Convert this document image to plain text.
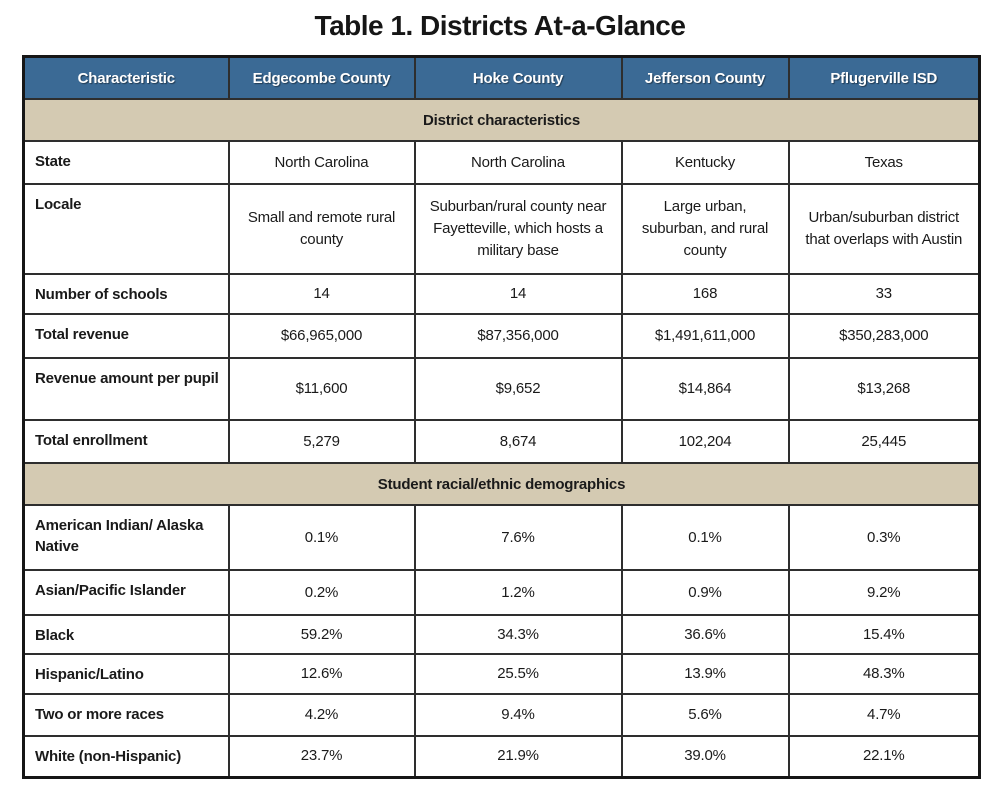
Table 1. Districts At-a-Glance
Characteristic	Edgecombe County	Hoke County	Jefferson County	Pflugerville ISD
District characteristics				
State	North Carolina	North Carolina	Kentucky	Texas
Locale	Small and remote rural county	Suburban/rural county near Fayetteville, which hosts a military base	Large urban, suburban, and rural county	Urban/suburban district that overlaps with Austin
Number of schools	14	14	168	33
Total revenue	$66,965,000	$87,356,000	$1,491,611,000	$350,283,000
Revenue amount per pupil	$11,600	$9,652	$14,864	$13,268
Total enrollment	5,279	8,674	102,204	25,445
Student racial/ethnic demographics				
American Indian/ Alaska Native	0.1%	7.6%	0.1%	0.3%
Asian/Pacific Islander	0.2%	1.2%	0.9%	9.2%
Black	59.2%	34.3%	36.6%	15.4%
Hispanic/Latino	12.6%	25.5%	13.9%	48.3%
Two or more races	4.2%	9.4%	5.6%	4.7%
White (non-Hispanic)	23.7%	21.9%	39.0%	22.1%
